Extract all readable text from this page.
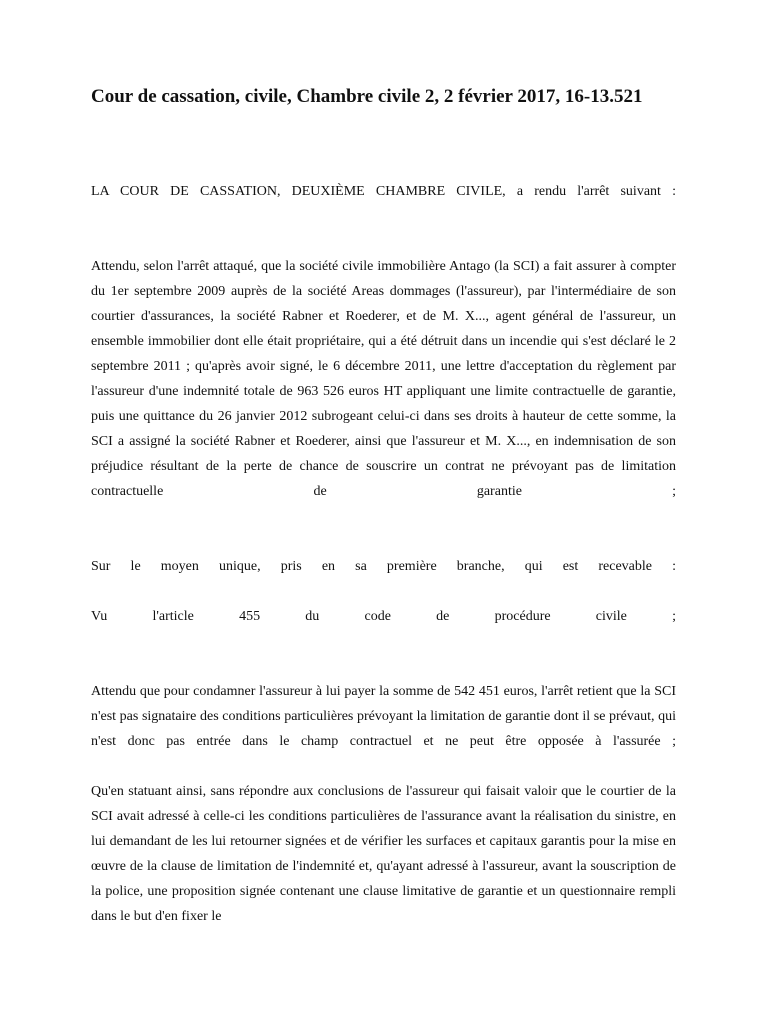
Cour de cassation, civile, Chambre civile 2, 2 février 2017, 16-13.521

LA COUR DE CASSATION, DEUXIÈME CHAMBRE CIVILE, a rendu l'arrêt suivant :

Attendu, selon l'arrêt attaqué, que la société civile immobilière Antago (la SCI) a fait assurer à compter du 1er septembre 2009 auprès de la société Areas dommages (l'assureur), par l'intermédiaire de son courtier d'assurances, la société Rabner et Roederer, et de M. X..., agent général de l'assureur, un ensemble immobilier dont elle était propriétaire, qui a été détruit dans un incendie qui s'est déclaré le 2 septembre 2011 ; qu'après avoir signé, le 6 décembre 2011, une lettre d'acceptation du règlement par l'assureur d'une indemnité totale de 963 526 euros HT appliquant une limite contractuelle de garantie, puis une quittance du 26 janvier 2012 subrogeant celui-ci dans ses droits à hauteur de cette somme, la SCI a assigné la société Rabner et Roederer, ainsi que l'assureur et M. X..., en indemnisation de son préjudice résultant de la perte de chance de souscrire un contrat ne prévoyant pas de limitation contractuelle de garantie ;

Sur le moyen unique, pris en sa première branche, qui est recevable :

Vu l'article 455 du code de procédure civile ;

Attendu que pour condamner l'assureur à lui payer la somme de 542 451 euros, l'arrêt retient que la SCI n'est pas signataire des conditions particulières prévoyant la limitation de garantie dont il se prévaut, qui n'est donc pas entrée dans le champ contractuel et ne peut être opposée à l'assurée ;

Qu'en statuant ainsi, sans répondre aux conclusions de l'assureur qui faisait valoir que le courtier de la SCI avait adressé à celle-ci les conditions particulières de l'assurance avant la réalisation du sinistre, en lui demandant de les lui retourner signées et de vérifier les surfaces et capitaux garantis pour la mise en œuvre de la clause de limitation de l'indemnité et, qu'ayant adressé à l'assureur, avant la souscription de la police, une proposition signée contenant une clause limitative de garantie et un questionnaire rempli dans le but d'en fixer le
